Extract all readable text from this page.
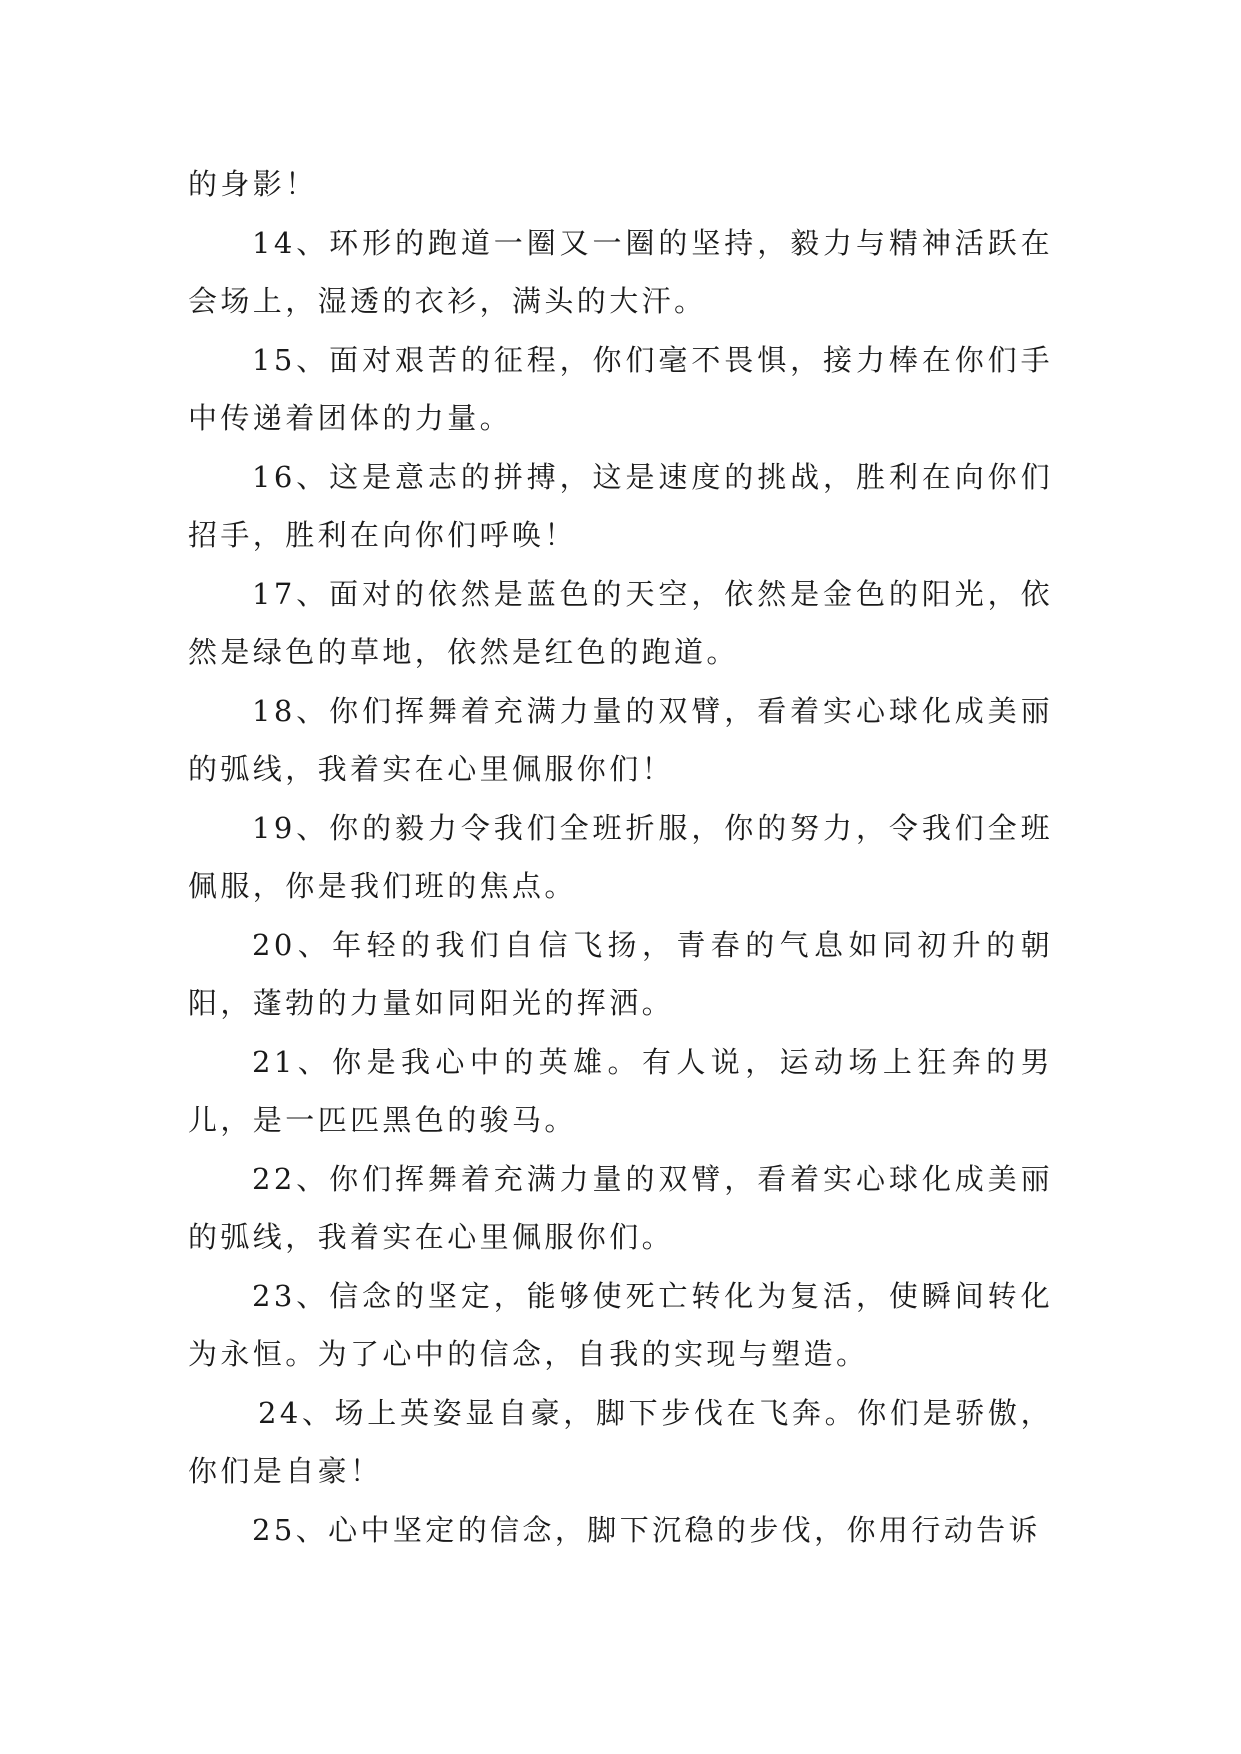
的身影！

14、环形的跑道一圈又一圈的坚持，毅力与精神活跃在会场上，湿透的衣衫，满头的大汗。

15、面对艰苦的征程，你们毫不畏惧，接力棒在你们手中传递着团体的力量。

16、这是意志的拼搏，这是速度的挑战，胜利在向你们招手，胜利在向你们呼唤！

17、面对的依然是蓝色的天空，依然是金色的阳光，依然是绿色的草地，依然是红色的跑道。

18、你们挥舞着充满力量的双臂，看着实心球化成美丽的弧线，我着实在心里佩服你们！

19、你的毅力令我们全班折服，你的努力，令我们全班佩服，你是我们班的焦点。

20、年轻的我们自信飞扬，青春的气息如同初升的朝阳，蓬勃的力量如同阳光的挥洒。

21、你是我心中的英雄。有人说，运动场上狂奔的男儿，是一匹匹黑色的骏马。

22、你们挥舞着充满力量的双臂，看着实心球化成美丽的弧线，我着实在心里佩服你们。

23、信念的坚定，能够使死亡转化为复活，使瞬间转化为永恒。为了心中的信念，自我的实现与塑造。

24、场上英姿显自豪，脚下步伐在飞奔。你们是骄傲，你们是自豪！

25、心中坚定的信念，脚下沉稳的步伐，你用行动告诉
